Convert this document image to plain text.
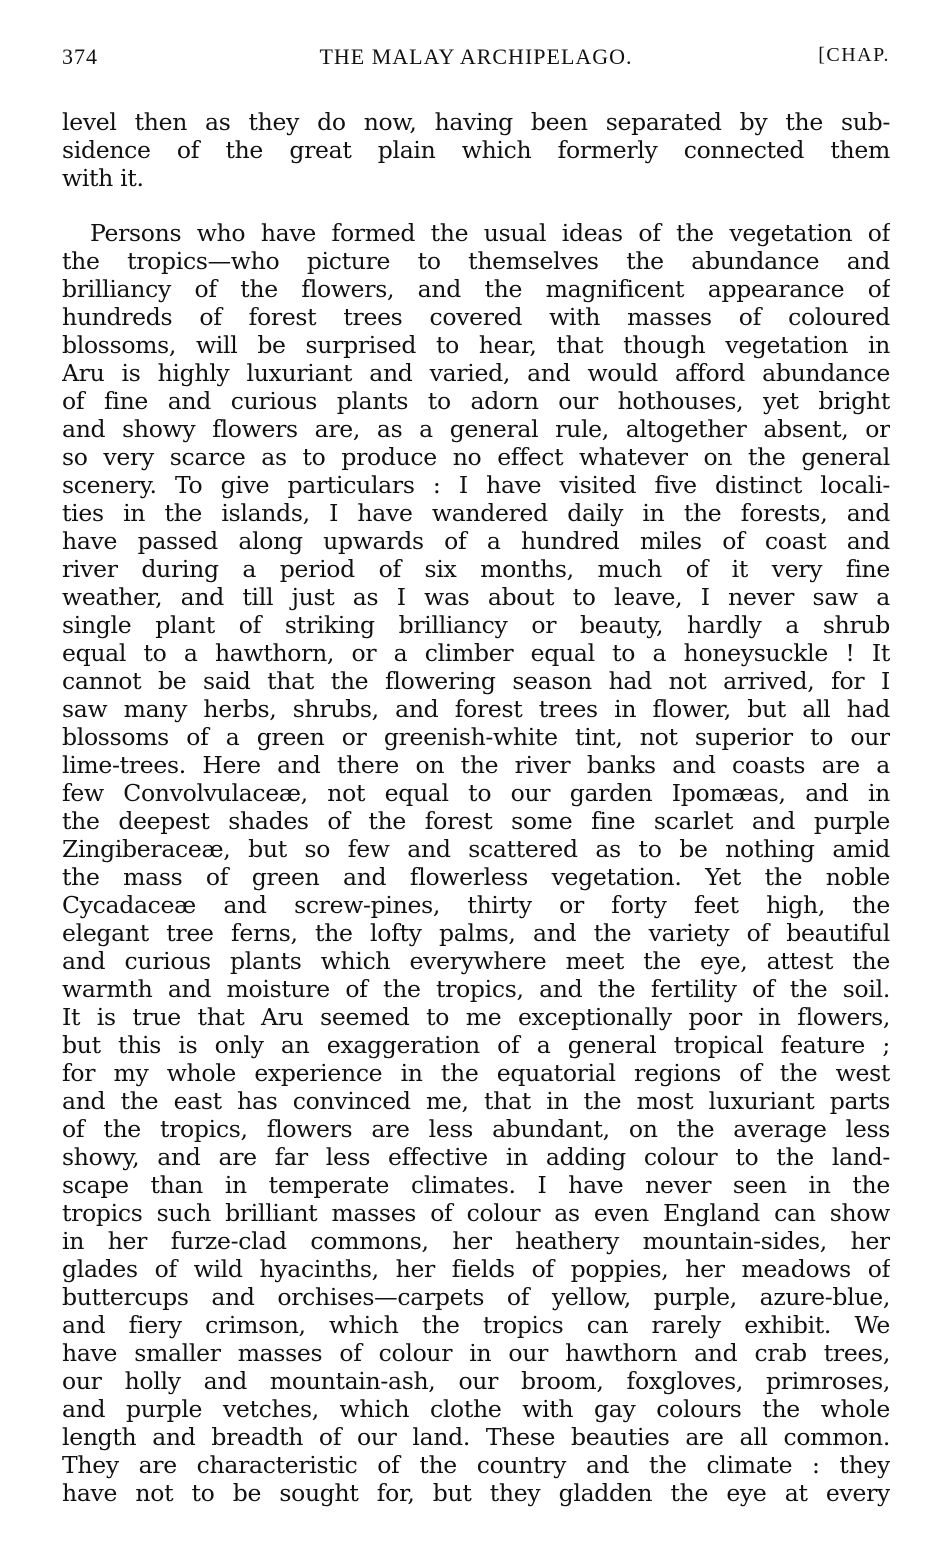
374	THE MALAY ARCHIPELAGO.	[CHAP.
level then as they do now, having been separated by the sub-
sidence of the great plain which formerly connected them
with it.
Persons who have formed the usual ideas of the vegetation of
the tropics—who picture to themselves the abundance and
brilliancy of the flowers, and the magnificent appearance of
hundreds of forest trees covered with masses of coloured
blossoms, will be surprised to hear, that though vegetation in
Aru is highly luxuriant and varied, and would afford abundance
of fine and curious plants to adorn our hothouses, yet bright
and showy flowers are, as a general rule, altogether absent, or
so very scarce as to produce no effect whatever on the general
scenery. To give particulars : I have visited five distinct locali-
ties in the islands, I have wandered daily in the forests, and
have passed along upwards of a hundred miles of coast and
river during a period of six months, much of it very fine
weather, and till just as I was about to leave, I never saw a
single plant of striking brilliancy or beauty, hardly a shrub
equal to a hawthorn, or a climber equal to a honeysuckle ! It
cannot be said that the flowering season had not arrived, for I
saw many herbs, shrubs, and forest trees in flower, but all had
blossoms of a green or greenish-white tint, not superior to our
lime-trees. Here and there on the river banks and coasts are a
few Convolvulaceæ, not equal to our garden Ipomæas, and in
the deepest shades of the forest some fine scarlet and purple
Zingiberaceæ, but so few and scattered as to be nothing amid
the mass of green and flowerless vegetation. Yet the noble
Cycadaceæ and screw-pines, thirty or forty feet high, the
elegant tree ferns, the lofty palms, and the variety of beautiful
and curious plants which everywhere meet the eye, attest the
warmth and moisture of the tropics, and the fertility of the soil.
It is true that Aru seemed to me exceptionally poor in flowers,
but this is only an exaggeration of a general tropical feature ;
for my whole experience in the equatorial regions of the west
and the east has convinced me, that in the most luxuriant parts
of the tropics, flowers are less abundant, on the average less
showy, and are far less effective in adding colour to the land-
scape than in temperate climates. I have never seen in the
tropics such brilliant masses of colour as even England can show
in her furze-clad commons, her heathery mountain-sides, her
glades of wild hyacinths, her fields of poppies, her meadows of
buttercups and orchises—carpets of yellow, purple, azure-blue,
and fiery crimson, which the tropics can rarely exhibit. We
have smaller masses of colour in our hawthorn and crab trees,
our holly and mountain-ash, our broom, foxgloves, primroses,
and purple vetches, which clothe with gay colours the whole
length and breadth of our land. These beauties are all common.
They are characteristic of the country and the climate : they
have not to be sought for, but they gladden the eye at every
